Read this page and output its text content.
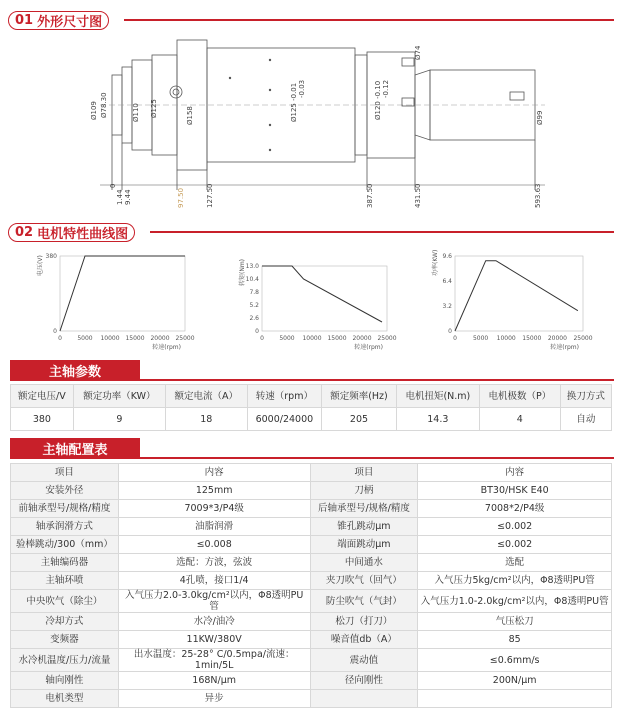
01 外形尺寸图
Ø74
Ø109 Ø78.30	Ø110 Ø125	Ø158	Ø125 -0.01 -0.03	Ø120 -0.10 -0.12
Ø99
0
1.44 9.44	97.50	127.50	387.50	431.50	593.63
02 电机特性曲线图
0	5000 10000 15000 20000 25000
0
380
转速(rpm)
电压(V)
0	5000 10000 15000 20000 25000
13.0
10.4
7.8
5.2
2.6
0
转速(rpm)
转矩(Nm)
0	5000 10000 15000 20000 25000
9.6
6.4
3.2
0
转速(rpm)
功率(KW)
主轴参数
额定电压/V	额定功率（KW）	额定电流（A）	转速（rpm）	额定频率(Hz)	电机扭矩(N.m)	电机极数（P）	换刀方式
380	9	18	6000/24000	205	14.3	4	自动
主轴配置表
项目	内容	项目	内容
安装外径	125mm	刀柄	BT30/HSK E40
前轴承型号/规格/精度	7009*3/P4级	后轴承型号/规格/精度	7008*2/P4级
轴承润滑方式	油脂润滑	锥孔跳动μm	≤0.002
验棒跳动/300（mm）	≤0.008	端面跳动μm	≤0.002
主轴编码器	选配：方波，弦波	中间通水	选配
主轴环喷	4孔喷，接口1/4	夹刀吹气（回气）	入气压力5kg/cm²以内，Φ8透明PU管
中央吹气（除尘）	入气压力2.0-3.0kg/cm²以内，Φ8透明PU管	防尘吹气（气封）	入气压力1.0-2.0kg/cm²以内，Φ8透明PU管
冷却方式	水冷/油冷	松刀（打刀）	气压松刀
变频器	11KW/380V	噪音值db（A）	85
水冷机温度/压力/流量	出水温度：25-28° C/0.5mpa/流速：1min/5L	震动值	≤0.6mm/s
轴向刚性	168N/μm	径向刚性	200N/μm
电机类型	异步		
